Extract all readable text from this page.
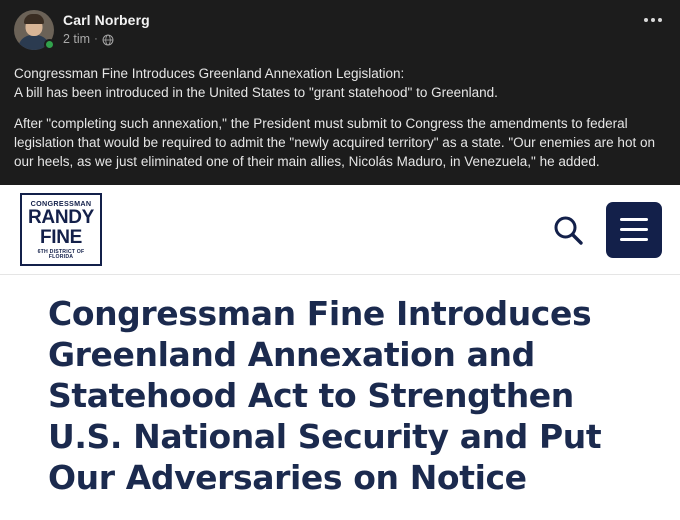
Carl Norberg
2 tim ·

Congressman Fine Introduces Greenland Annexation Legislation:
A bill has been introduced in the United States to "grant statehood" to Greenland.

After "completing such annexation," the President must submit to Congress the amendments to federal legislation that would be required to admit the "newly acquired territory" as a state. "Our enemies are hot on our heels, as we just eliminated one of their main allies, Nicolás Maduro, in Venezuela," he added.

CONGRESSMAN
RANDY
FINE
6TH DISTRICT OF FLORIDA
Congressman Fine Introduces Greenland Annexation and Statehood Act to Strengthen U.S. National Security and Put Our Adversaries on Notice
